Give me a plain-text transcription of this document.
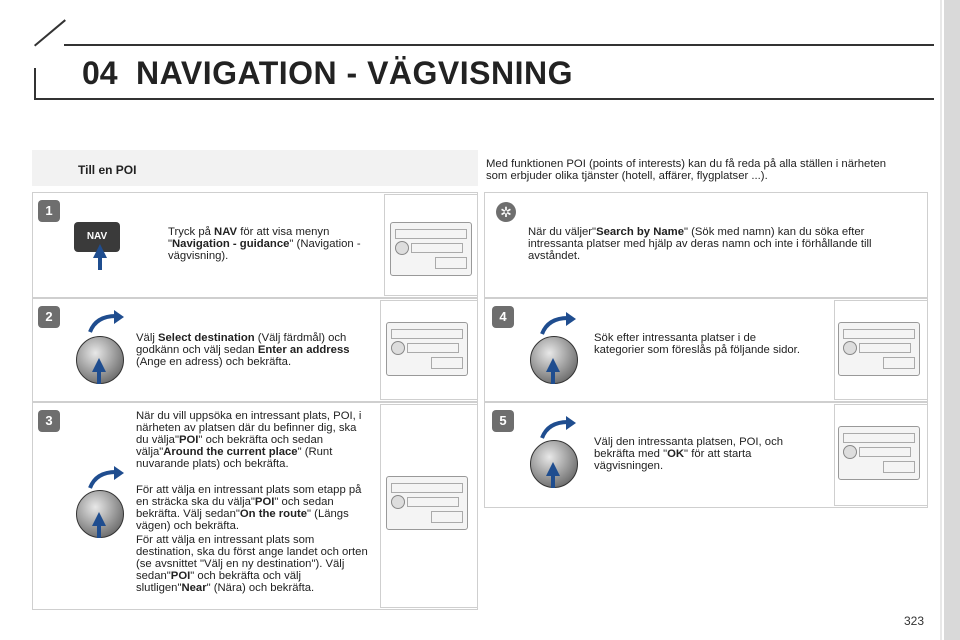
04 NAVIGATION - VÄGVISNING
Till en POI	Med funktionen POI (points of interests) kan du få reda på alla ställen i närheten som erbjuder olika tjänster (hotell, affärer, flygplatser ...).
1
NAV	Tryck på NAV för att visa menyn "Navigation - guidance" (Navigation - vägvisning).
2
Välj Select destination (Välj färdmål) och godkänn och välj sedan Enter an address (Ange en adress) och bekräfta.
3	När du vill uppsöka en intressant plats, POI, i närheten av platsen där du befinner dig, ska du välja"POI" och bekräfta och sedan välja"Around the current place" (Runt nuvarande plats) och bekräfta.
För att välja en intressant plats som etapp på en sträcka ska du välja"POI" och sedan bekräfta. Välj sedan"On the route" (Längs vägen) och bekräfta.
För att välja en intressant plats som destination, ska du först ange landet och orten (se avsnittet "Välj en ny destination"). Välj sedan"POI" och bekräfta och välj slutligen"Near" (Nära) och bekräfta.
✲
När du väljer"Search by Name" (Sök med namn) kan du söka efter intressanta platser med hjälp av deras namn och inte i förhållande till avståndet.
4
Sök efter intressanta platser i de kategorier som föreslås på följande sidor.
5
Välj den intressanta platsen, POI, och bekräfta med "OK" för att starta vägvisningen.
323
